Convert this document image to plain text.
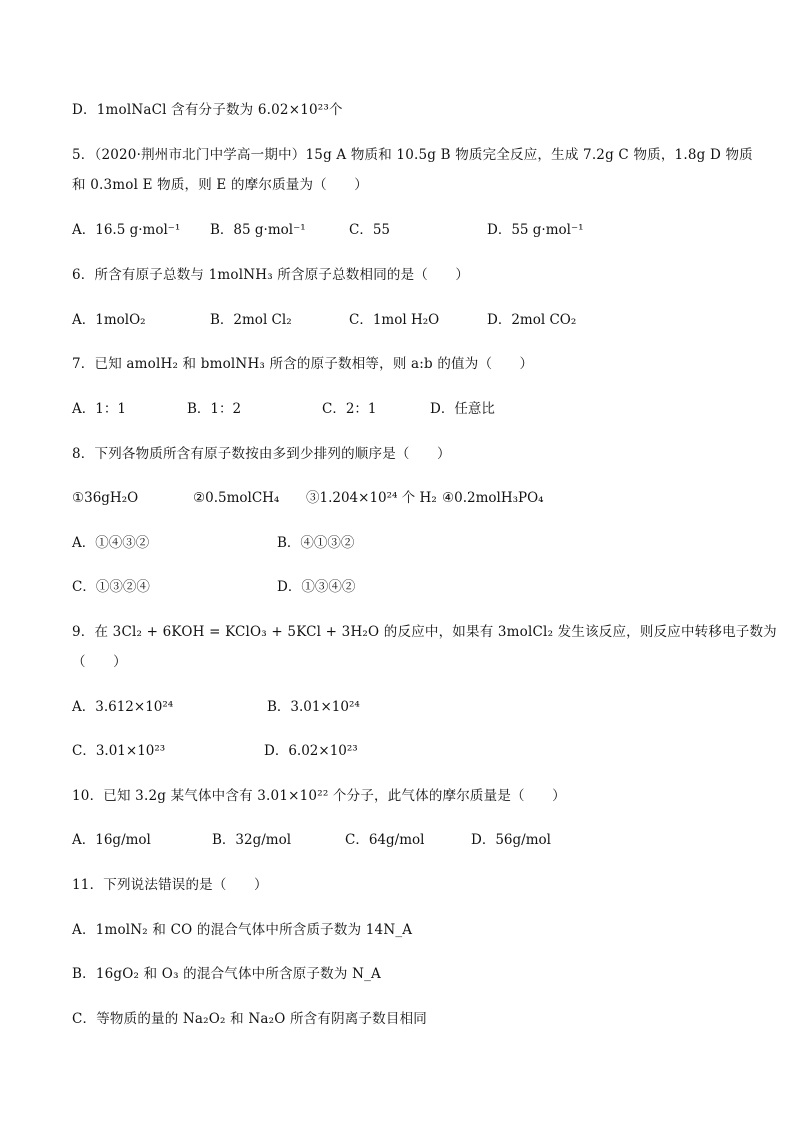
D．1molNaCl 含有分子数为 6.02×10²³个
5．（2020·荆州市北门中学高一期中）15g A 物质和 10.5g B 物质完全反应，生成 7.2g C 物质，1.8g D 物质
和 0.3mol E 物质，则 E 的摩尔质量为（　　）
A．16.5 g·mol⁻¹ B．85 g·mol⁻¹	C．55	D．55 g·mol⁻¹
6．所含有原子总数与 1molNH₃ 所含原子总数相同的是（　　）
A．1molO₂	B．2mol Cl₂	C．1mol H₂O	D．2mol CO₂
7．已知 amolH₂ 和 bmolNH₃ 所含的原子数相等，则 a:b 的值为（　　）
A．1：1	B．1：2	C．2：1	D．任意比
8．下列各物质所含有原子数按由多到少排列的顺序是（　　）
①36gH₂O	②0.5molCH₄ ③1.204×10²⁴ 个 H₂ ④0.2molH₃PO₄
A．①④③②	B．④①③②
C．①③②④	D．①③④②
9．在 3Cl₂ + 6KOH = KClO₃ + 5KCl + 3H₂O 的反应中，如果有 3molCl₂ 发生该反应，则反应中转移电子数为
（　　）
A．3.612×10²⁴	B．3.01×10²⁴
C．3.01×10²³	D．6.02×10²³
10．已知 3.2g 某气体中含有 3.01×10²² 个分子，此气体的摩尔质量是（　　）
A．16g/mol	B．32g/mol	C．64g/mol	D．56g/mol
11．下列说法错误的是（　　）
A．1molN₂ 和 CO 的混合气体中所含质子数为 14N_A
B．16gO₂ 和 O₃ 的混合气体中所含原子数为 N_A
C．等物质的量的 Na₂O₂ 和 Na₂O 所含有阴离子数目相同
